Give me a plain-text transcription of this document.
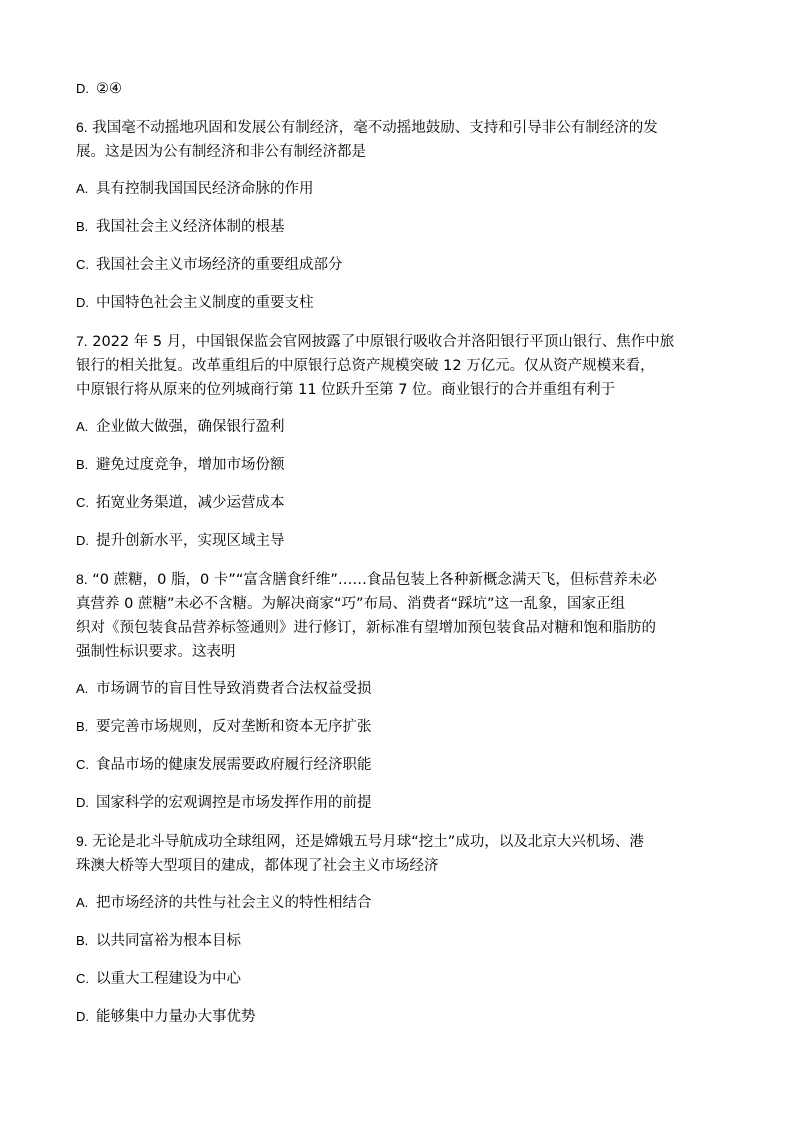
D. ②④
6. 我国毫不动摇地巩固和发展公有制经济，毫不动摇地鼓励、支持和引导非公有制经济的发
展。这是因为公有制经济和非公有制经济都是
A. 具有控制我国国民经济命脉的作用
B. 我国社会主义经济体制的根基
C. 我国社会主义市场经济的重要组成部分
D. 中国特色社会主义制度的重要支柱
7. 2022 年 5 月，中国银保监会官网披露了中原银行吸收合并洛阳银行平顶山银行、焦作中旅
银行的相关批复。改革重组后的中原银行总资产规模突破 12 万亿元。仅从资产规模来看，
中原银行将从原来的位列城商行第 11 位跃升至第 7 位。商业银行的合并重组有利于
A. 企业做大做强，确保银行盈利
B. 避免过度竞争，增加市场份额
C. 拓宽业务渠道，减少运营成本
D. 提升创新水平，实现区域主导
8. “0 蔗糖，0 脂，0 卡”“富含膳食纤维”……食品包装上各种新概念满天飞，但标营养未必
真营养 0 蔗糖”未必不含糖。为解决商家“巧”布局、消费者“踩坑”这一乱象，国家正组
织对《预包装食品营养标签通则》进行修订，新标准有望增加预包装食品对糖和饱和脂肪的
强制性标识要求。这表明
A. 市场调节的盲目性导致消费者合法权益受损
B. 要完善市场规则，反对垄断和资本无序扩张
C. 食品市场的健康发展需要政府履行经济职能
D. 国家科学的宏观调控是市场发挥作用的前提
9. 无论是北斗导航成功全球组网，还是嫦娥五号月球“挖土”成功，以及北京大兴机场、港
珠澳大桥等大型项目的建成，都体现了社会主义市场经济
A. 把市场经济的共性与社会主义的特性相结合
B. 以共同富裕为根本目标
C. 以重大工程建设为中心
D. 能够集中力量办大事优势
